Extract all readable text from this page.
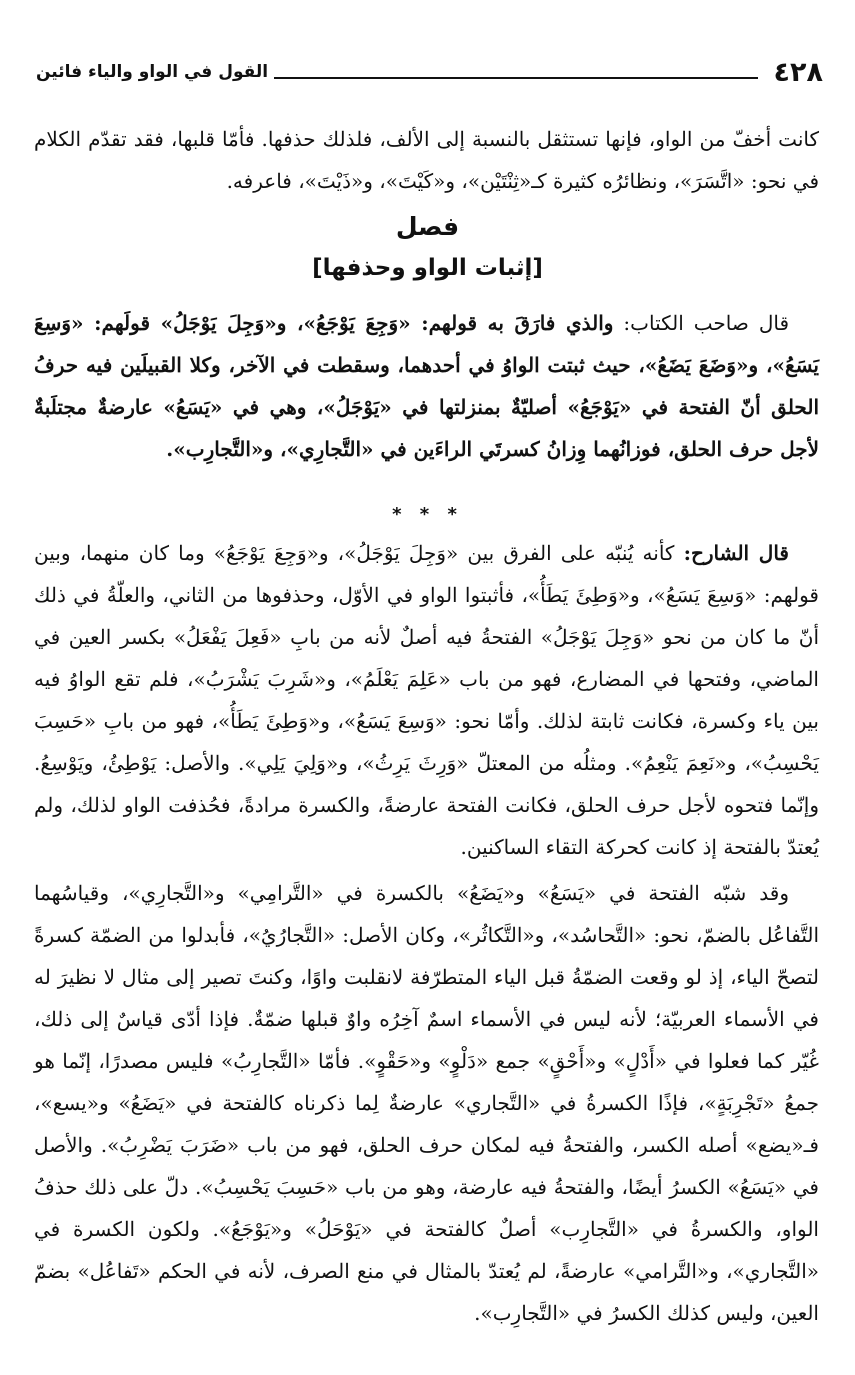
٤٢٨
القول في الواو والياء فائين

كانت أخفّ من الواو، فإنها تستثقل بالنسبة إلى الألف، فلذلك حذفها. فأمّا قلبها، فقد تقدّم الكلام في نحو: «اتَّسَرَ»، ونظائرُه كثيرة كـ«ثِنْتَيْن»، و«كَيْتَ»، و«ذَيْتَ»، فاعرفه.

فصل
[إثبات الواو وحذفها]

قال صاحب الكتاب: والذي فارَقَ به قولهم: «وَجِعَ يَوْجَعُ»، و«وَجِلَ يَوْجَلُ» قولَهم: «وَسِعَ يَسَعُ»، و«وَضَعَ يَضَعُ»، حيث ثبتت الواوُ في أحدهما، وسقطت في الآخر، وكلا القبيلَين فيه حرفُ الحلق أنّ الفتحة في «يَوْجَعُ» أصليّةٌ بمنزلتها في «يَوْجَلُ»، وهي في «يَسَعُ» عارضةٌ مجتلَبةٌ لأجل حرف الحلق، فوزانُهما وِزانُ كسرتَي الراءَين في «التَّجارِي»، و«التَّجارِب».

* * *

قال الشارح: كأنه يُنبّه على الفرق بين «وَجِلَ يَوْجَلُ»، و«وَجِعَ يَوْجَعُ» وما كان منهما، وبين قولهم: «وَسِعَ يَسَعُ»، و«وَطِئَ يَطَأُ»، فأثبتوا الواو في الأوّل، وحذفوها من الثاني، والعلّةُ في ذلك أنّ ما كان من نحو «وَجِلَ يَوْجَلُ» الفتحةُ فيه أصلٌ لأنه من بابِ «فَعِلَ يَفْعَلُ» بكسر العين في الماضي، وفتحها في المضارع، فهو من باب «عَلِمَ يَعْلَمُ»، و«شَرِبَ يَشْرَبُ»، فلم تقع الواوُ فيه بين ياء وكسرة، فكانت ثابتة لذلك. وأمّا نحو: «وَسِعَ يَسَعُ»، و«وَطِئَ يَطَأُ»، فهو من بابِ «حَسِبَ يَحْسِبُ»، و«نَعِمَ يَنْعِمُ». ومثلُه من المعتلّ «وَرِثَ يَرِثُ»، و«وَلِيَ يَلِي». والأصل: يَوْطِئُ، ويَوْسِعُ. وإنّما فتحوه لأجل حرف الحلق، فكانت الفتحة عارضةً، والكسرة مرادةً، فحُذفت الواو لذلك، ولم يُعتدّ بالفتحة إذ كانت كحركة التقاء الساكنين.

وقد شبّه الفتحة في «يَسَعُ» و«يَضَعُ» بالكسرة في «التَّرامِي» و«التَّجارِي»، وقياسُهما التَّفاعُل بالضمّ، نحو: «التَّحاسُد»، و«التَّكاثُر»، وكان الأصل: «التَّجارُيُ»، فأبدلوا من الضمّة كسرةً لتصحّ الياء، إذ لو وقعت الضمّةُ قبل الياء المتطرّفة لانقلبت واوًا، وكنتَ تصير إلى مثال لا نظيرَ له في الأسماء العربيّة؛ لأنه ليس في الأسماء اسمٌ آخِرُه واوٌ قبلها ضمّةٌ. فإذا أدّى قياسٌ إلى ذلك، غُيّر كما فعلوا في «أَدْلٍ» و«أَحْقٍ» جمع «دَلْوٍ» و«حَقْوٍ». فأمّا «التَّجارِبُ» فليس مصدرًا، إنّما هو جمعُ «تَجْرِبَةٍ»، فإذًا الكسرةُ في «التَّجاري» عارضةٌ لِما ذكرناه كالفتحة في «يَضَعُ» و«يسع»، فـ«يضع» أصله الكسر، والفتحةُ فيه لمكان حرف الحلق، فهو من باب «ضَرَبَ يَضْرِبُ». والأصل في «يَسَعُ» الكسرُ أيضًا، والفتحةُ فيه عارضة، وهو من باب «حَسِبَ يَحْسِبُ». دلّ على ذلك حذفُ الواو، والكسرةُ في «التَّجارِب» أصلٌ كالفتحة في «يَوْحَلُ» و«يَوْجَعُ». ولكون الكسرة في «التَّجاري»، و«التَّرامي» عارضةً، لم يُعتدّ بالمثال في منع الصرف، لأنه في الحكم «تَفاعُل» بضمّ العين، وليس كذلك الكسرُ في «التَّجارِب».
